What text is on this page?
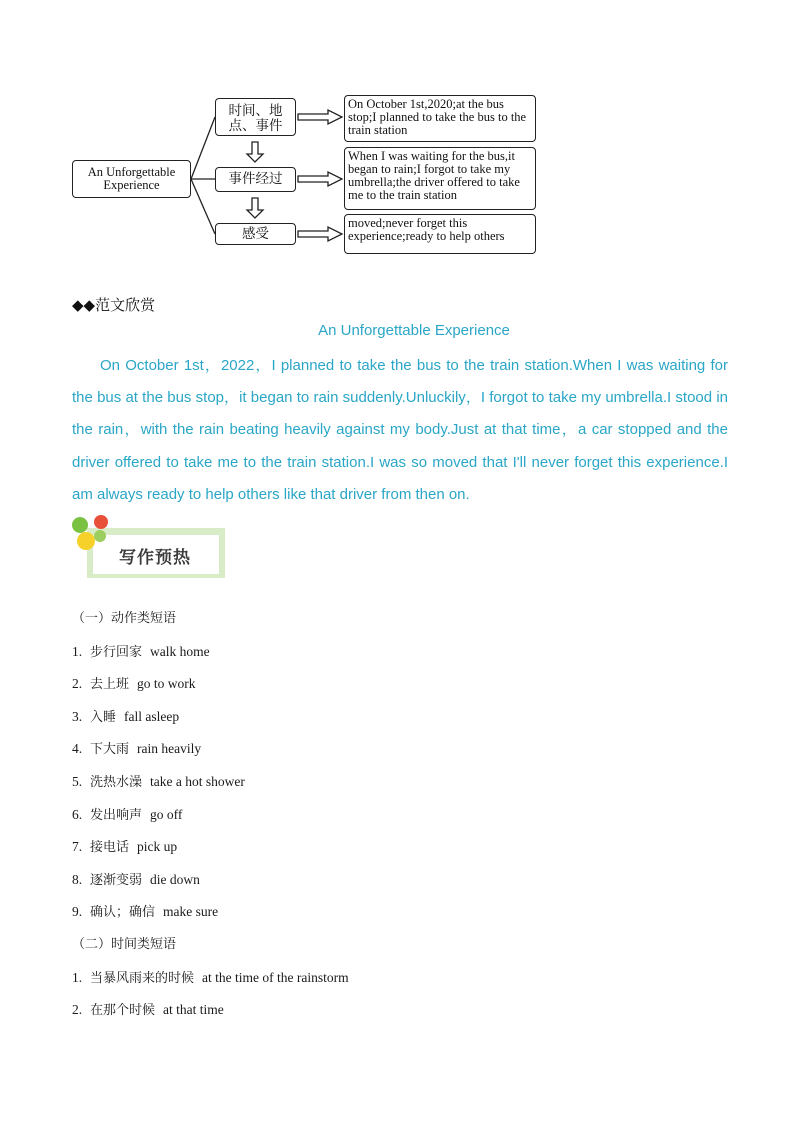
An Unforgettable Experience
时间、地点、事件
事件经过
感受
On October 1st,2020;at the bus stop;I planned to take the bus to the train station
When I was waiting for the bus,it began to rain;I forgot to take my umbrella;the driver offered to take me to the train station
moved;never forget this experience;ready to help others
◆◆范文欣赏
An Unforgettable Experience

On October 1st，2022，I planned to take the bus to the train station.When I was waiting for the bus at the bus stop，it began to rain suddenly.Unluckily，I forgot to take my umbrella.I stood in the rain，with the rain beating heavily against my body.Just at that time，a car stopped and the driver offered to take me to the train station.I was so moved that I'll never forget this experience.I am always ready to help others like that driver from then on.

写作预热
（一）动作类短语
1. 步行回家 walk home
2. 去上班 go to work
3. 入睡 fall asleep
4. 下大雨 rain heavily
5. 洗热水澡 take a hot shower
6. 发出响声 go off
7. 接电话 pick up
8. 逐渐变弱 die down
9. 确认；确信 make sure
（二）时间类短语
1. 当暴风雨来的时候 at the time of the rainstorm
2. 在那个时候 at that time
